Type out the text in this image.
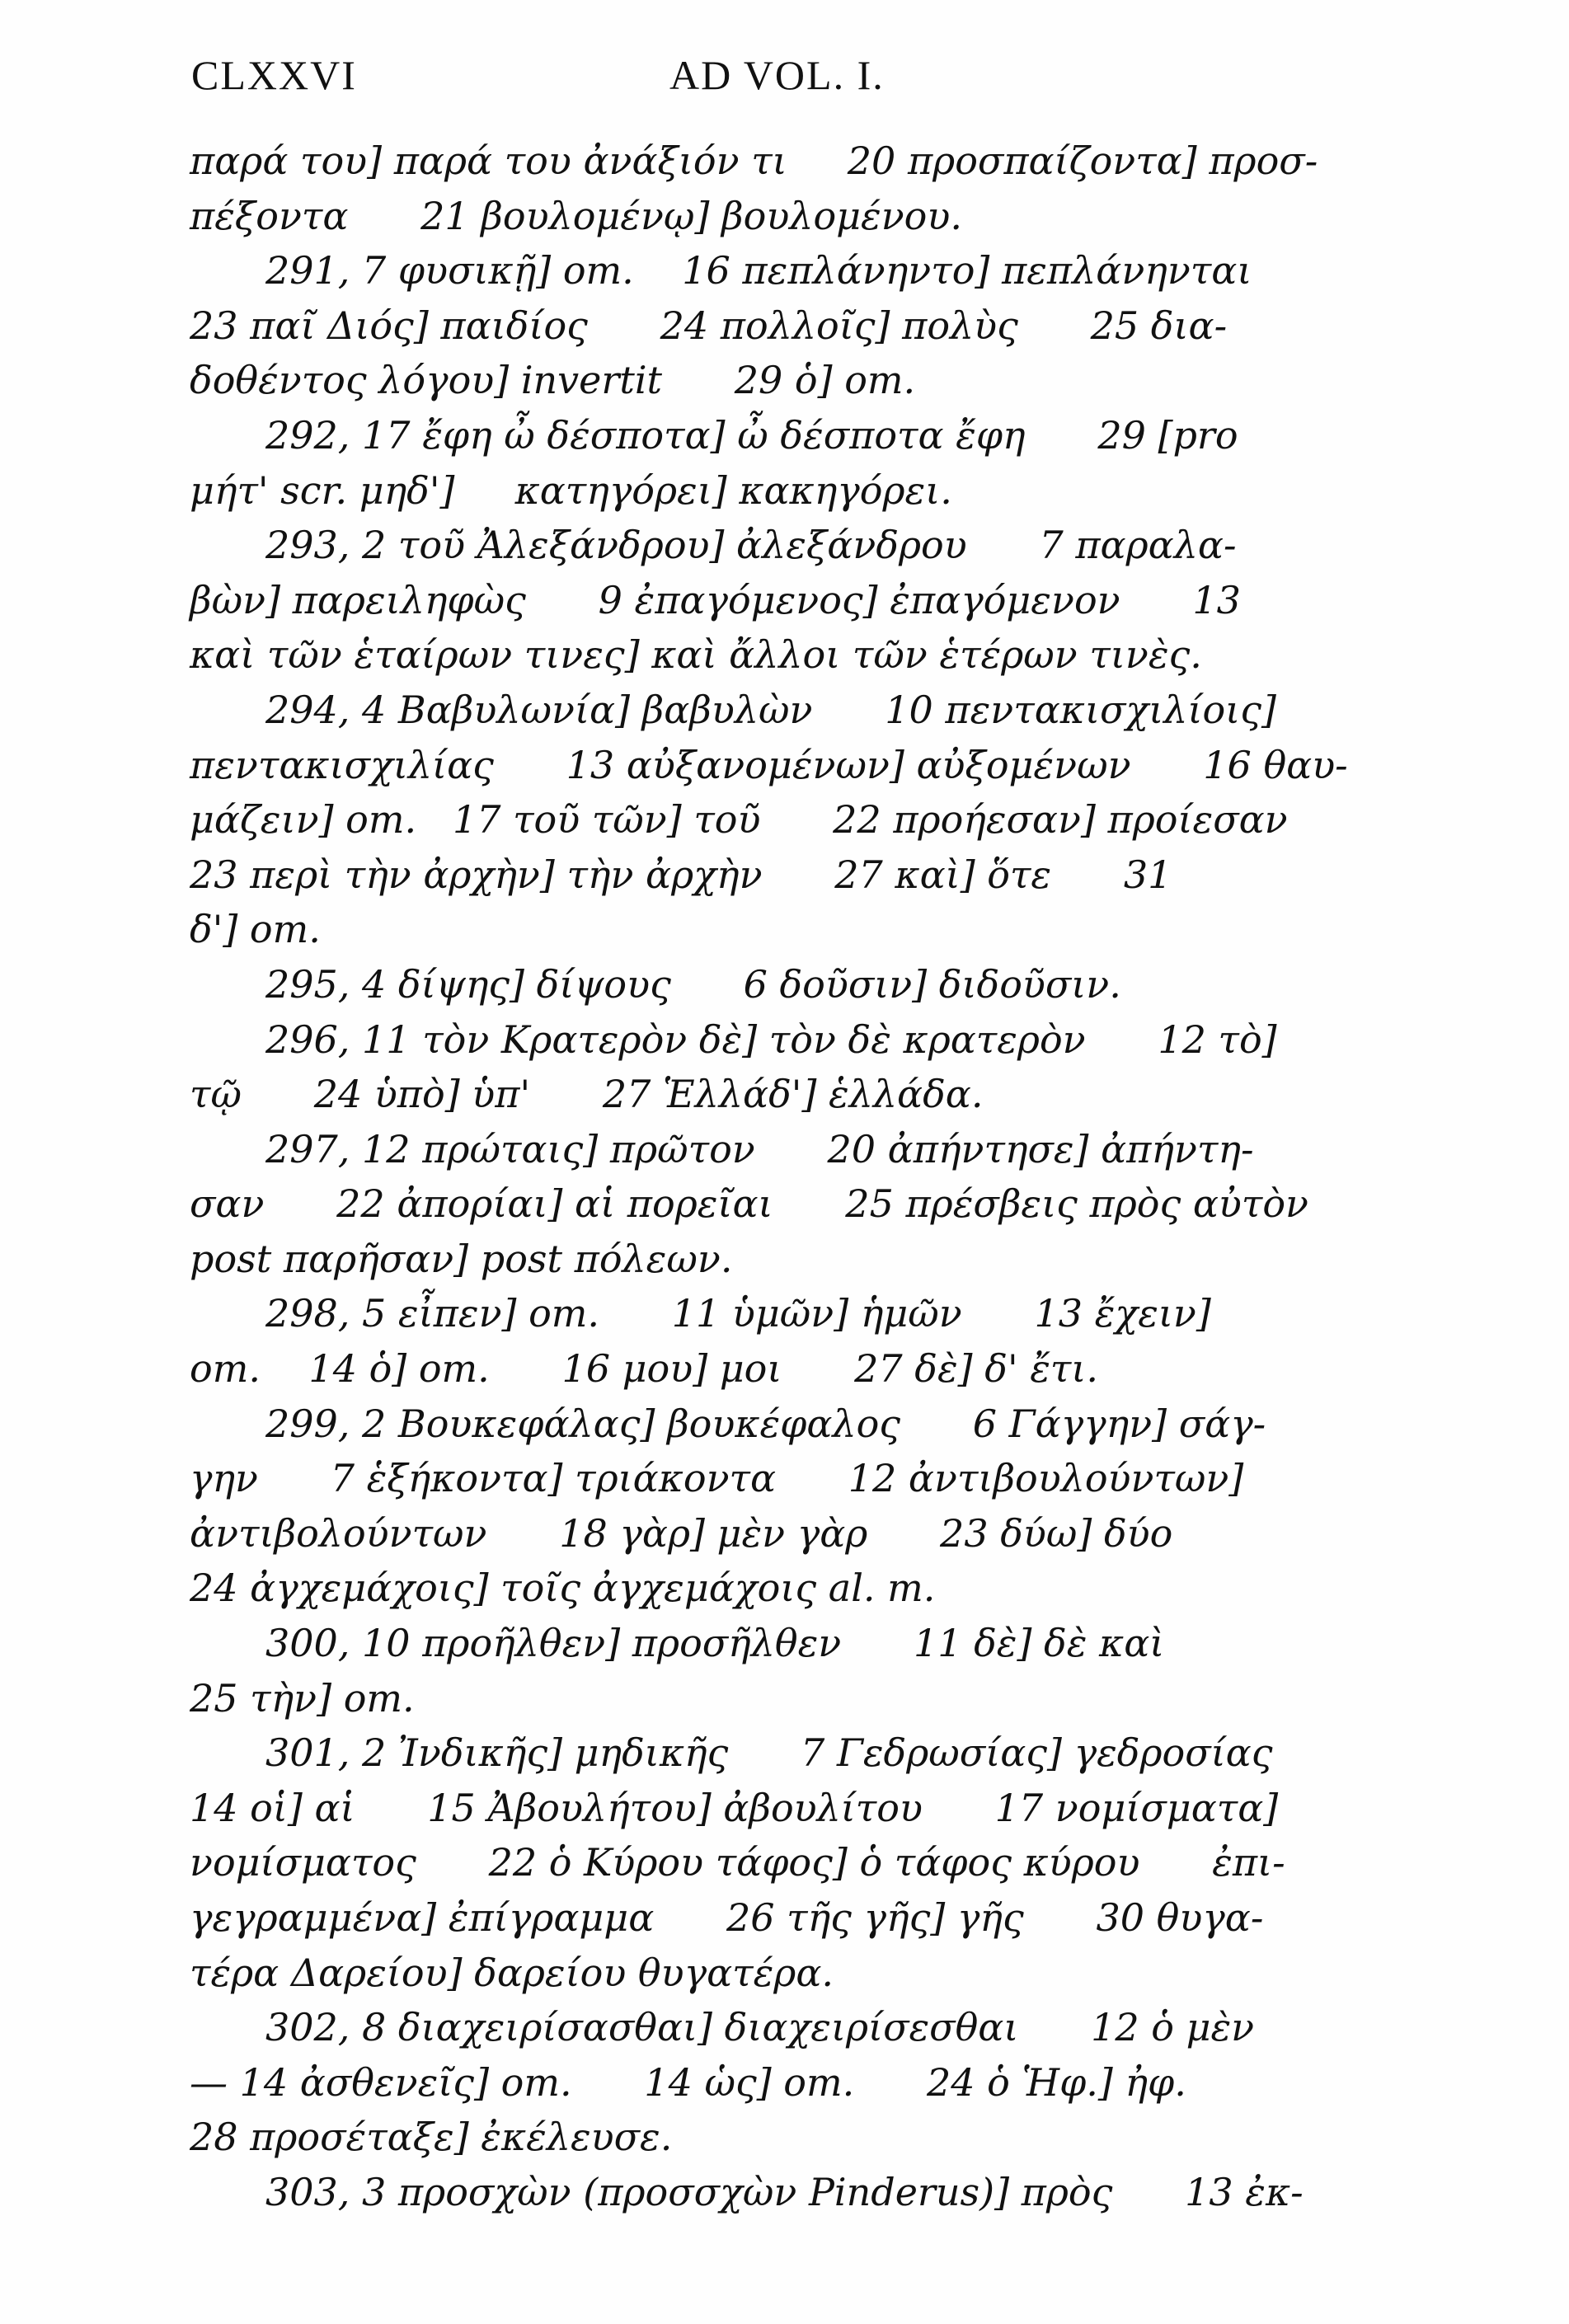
CLXXVI	AD VOL. I.
παρά του] παρά του ἀνάξιόν τι     20 προσπαίζοντα] προσ-
πέξοντα      21 βουλομένῳ] βουλομένου.
291, 7 φυσικῇ] om.    16 πεπλάνηντο] πεπλάνηνται
23 παῖ Διός] παιδίος      24 πολλοῖς] πολὺς      25 δια-
δοθέντος λόγου] invertit      29 ὁ] om.
292, 17 ἔφη ὦ δέσποτα] ὦ δέσποτα ἔφη      29 [pro
μήτ' scr. μηδ']     κατηγόρει] κακηγόρει.
293, 2 τοῦ Ἀλεξάνδρου] ἀλεξάνδρου      7 παραλα-
βὼν] παρειληφὼς      9 ἐπαγόμενος] ἐπαγόμενον      13
καὶ τῶν ἑταίρων τινες] καὶ ἄλλοι τῶν ἑτέρων τινὲς.
294, 4 Βαβυλωνία] βαβυλὼν      10 πεντακισχιλίοις]
πεντακισχιλίας      13 αὐξανομένων] αὐξομένων      16 θαυ-
μάζειν] om.   17 τοῦ τῶν] τοῦ      22 προήεσαν] προίεσαν
23 περὶ τὴν ἀρχὴν] τὴν ἀρχὴν      27 καὶ] ὅτε      31
δ'] om.
295, 4 δίψης] δίψους      6 δοῦσιν] διδοῦσιν.
296, 11 τὸν Κρατερὸν δὲ] τὸν δὲ κρατερὸν      12 τὸ]
τῷ      24 ὑπὸ] ὑπ'      27 Ἑλλάδ'] ἑλλάδα.
297, 12 πρώταις] πρῶτον      20 ἀπήντησε] ἀπήντη-
σαν      22 ἀπορίαι] αἱ πορεῖαι      25 πρέσβεις πρὸς αὐτὸν
post παρῆσαν] post πόλεων.
298, 5 εἶπεν] om.      11 ὑμῶν] ἡμῶν      13 ἔχειν]
om.    14 ὁ] om.      16 μου] μοι      27 δὲ] δ' ἔτι.
299, 2 Βουκεφάλας] βουκέφαλος      6 Γάγγην] σάγ-
γην      7 ἑξήκοντα] τριάκοντα      12 ἀντιβουλούντων]
ἀντιβολούντων      18 γὰρ] μὲν γὰρ      23 δύω] δύο
24 ἀγχεμάχοις] τοῖς ἀγχεμάχοις al. m.
300, 10 προῆλθεν] προσῆλθεν      11 δὲ] δὲ καὶ
25 τὴν] om.
301, 2 Ἰνδικῆς] μηδικῆς      7 Γεδρωσίας] γεδροσίας
14 οἱ] αἱ      15 Ἀβουλήτου] ἀβουλίτου      17 νομίσματα]
νομίσματος      22 ὁ Κύρου τάφος] ὁ τάφος κύρου      ἐπι-
γεγραμμένα] ἐπίγραμμα      26 τῆς γῆς] γῆς      30 θυγα-
τέρα Δαρείου] δαρείου θυγατέρα.
302, 8 διαχειρίσασθαι] διαχειρίσεσθαι      12 ὁ μὲν
— 14 ἀσθενεῖς] om.      14 ὡς] om.      24 ὁ Ἡφ.] ἠφ.
28 προσέταξε] ἐκέλευσε.
303, 3 προσχὼν (προσσχὼν Pinderus)] πρὸς      13 ἐκ-
